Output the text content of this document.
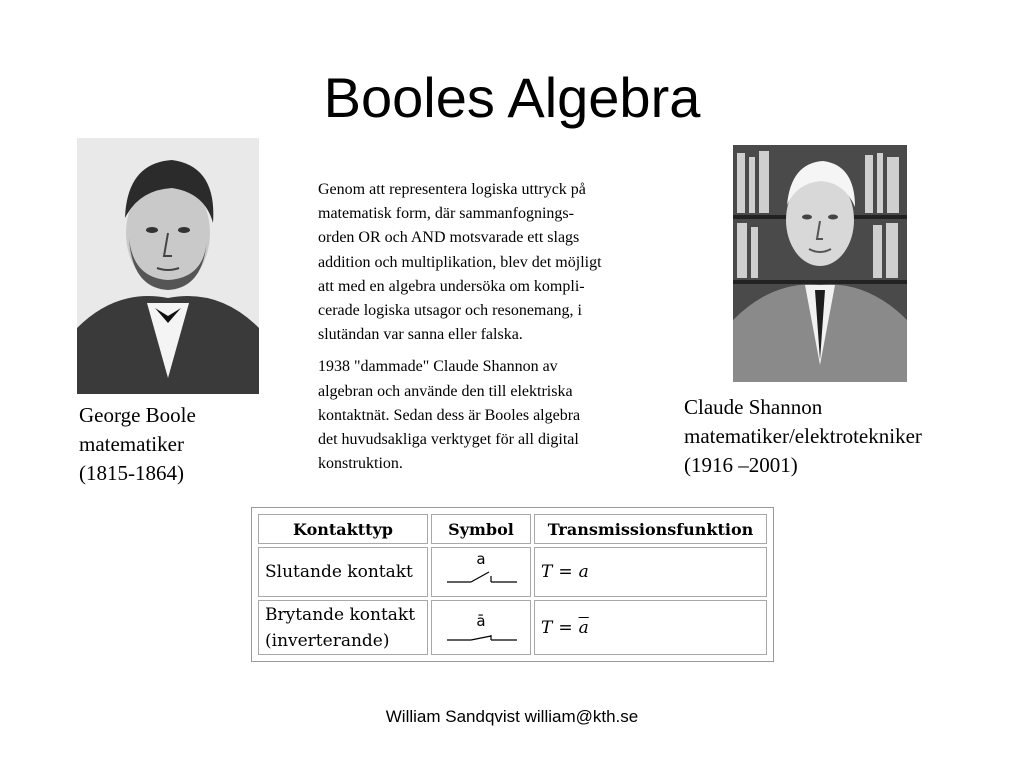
Booles Algebra
George Boole
matematiker
(1815-1864)
Claude Shannon
matematiker/elektrotekniker
(1916 –2001)

Genom att representera logiska uttryck på
matematisk form, där sammanfognings-
orden OR och AND motsvarade ett slags
addition och multiplikation, blev det möjligt
att med en algebra undersöka om kompli-
cerade logiska utsagor och resonemang, i
slutändan var sanna eller falska.

1938 "dammade" Claude Shannon av
algebran och använde den till elektriska
kontaktnät. Sedan dess är Booles algebra
det huvudsakliga verktyget för all digital
konstruktion.

Kontakttyp	Symbol	Transmissionsfunktion
Slutande kontakt	a	T = a
Brytande kontakt
(inverterande)	ā	$T = \overline{a}$
William Sandqvist william@kth.se
